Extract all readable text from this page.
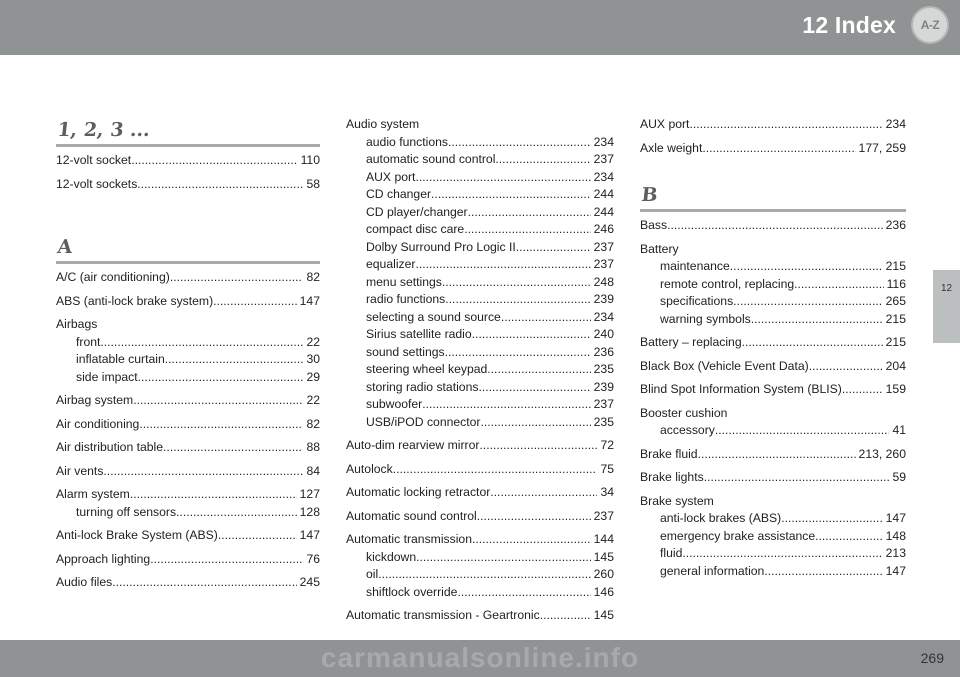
12 Index A-Z
12
1, 2, 3 ...
12-volt socket .....	110
12-volt sockets .....	58
A
A/C (air conditioning) .....	82
ABS (anti-lock brake system) .....	147
Airbags
front .....	22
inflatable curtain .....	30
side impact .....	29
Airbag system .....	22
Air conditioning .....	82
Air distribution table .....	88
Air vents .....	84
Alarm system .....	127
turning off sensors .....	128
Anti-lock Brake System (ABS) .....	147
Approach lighting .....	76
Audio files .....	245
Audio system
audio functions .....	234
automatic sound control .....	237
AUX port .....	234
CD changer .....	244
CD player/changer .....	244
compact disc care .....	246
Dolby Surround Pro Logic II .....	237
equalizer .....	237
menu settings .....	248
radio functions .....	239
selecting a sound source .....	234
Sirius satellite radio .....	240
sound settings .....	236
steering wheel keypad .....	235
storing radio stations .....	239
subwoofer .....	237
USB/iPOD connector .....	235
Auto-dim rearview mirror .....	72
Autolock .....	75
Automatic locking retractor .....	34
Automatic sound control .....	237
Automatic transmission .....	144
kickdown .....	145
oil .....	260
shiftlock override .....	146
Automatic transmission - Geartronic .....	145
AUX port .....	234
Axle weight .....	177, 259
B
Bass .....	236
Battery
maintenance .....	215
remote control, replacing .....	116
specifications .....	265
warning symbols .....	215
Battery – replacing .....	215
Black Box (Vehicle Event Data) .....	204
Blind Spot Information System (BLIS) .....	159
Booster cushion
accessory .....	41
Brake fluid .....	213, 260
Brake lights .....	59
Brake system
anti-lock brakes (ABS) .....	147
emergency brake assistance .....	148
fluid .....	213
general information .....	147
carmanualsonline.info	269
